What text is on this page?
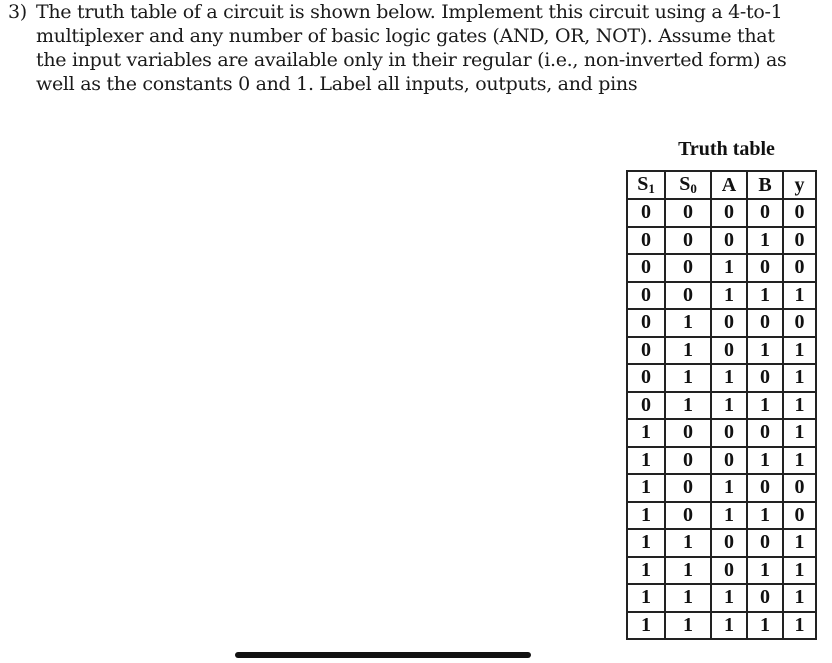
3) The truth table of a circuit is shown below. Implement this circuit using a 4-to-1
multiplexer and any number of basic logic gates (AND, OR, NOT). Assume that
the input variables are available only in their regular (i.e., non-inverted form) as
well as the constants 0 and 1. Label all inputs, outputs, and pins
Truth table
$S_1$	$S_0$	A	B	y
0	0	0	0	0
0	0	0	1	0
0	0	1	0	0
0	0	1	1	1
0	1	0	0	0
0	1	0	1	1
0	1	1	0	1
0	1	1	1	1
1	0	0	0	1
1	0	0	1	1
1	0	1	0	0
1	0	1	1	0
1	1	0	0	1
1	1	0	1	1
1	1	1	0	1
1	1	1	1	1
